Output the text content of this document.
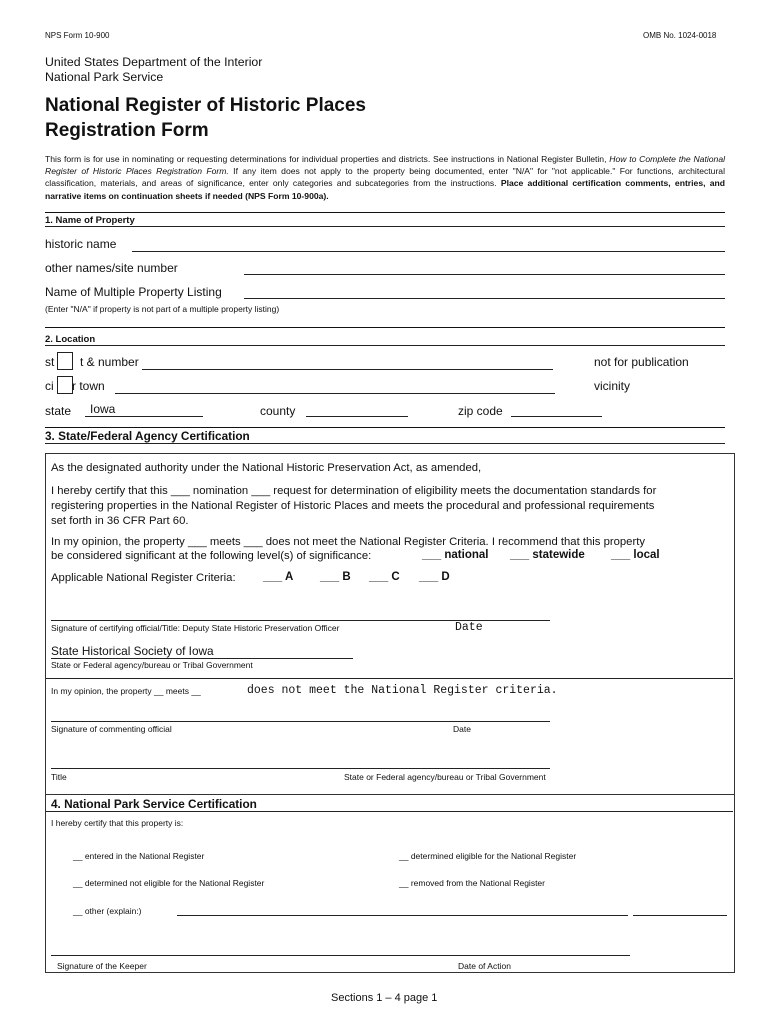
NPS Form 10-900	OMB No. 1024-0018
United States Department of the Interior
National Park Service
National Register of Historic Places
Registration Form
This form is for use in nominating or requesting determinations for individual properties and districts. See instructions in National Register Bulletin, How to Complete the National Register of Historic Places Registration Form. If any item does not apply to the property being documented, enter "N/A" for "not applicable." For functions, architectural classification, materials, and areas of significance, enter only categories and subcategories from the instructions. Place additional certification comments, entries, and narrative items on continuation sheets if needed (NPS Form 10-900a).
1. Name of Property
historic name
other names/site number
Name of Multiple Property Listing
(Enter "N/A" if property is not part of a multiple property listing)
2. Location
st t & number	not for publication
ci r town	vicinity
state Iowa	county	zip code
3. State/Federal Agency Certification
As the designated authority under the National Historic Preservation Act, as amended,
I hereby certify that this ___ nomination ___ request for determination of eligibility meets the documentation standards for
registering properties in the National Register of Historic Places and meets the procedural and professional requirements
set forth in 36 CFR Part 60.
In my opinion, the property ___ meets ___ does not meet the National Register Criteria. I recommend that this property
be considered significant at the following level(s) of significance:	___ national ___ statewide ___ local
Applicable National Register Criteria: ___ A ___ B ___ C ___ D
Signature of certifying official/Title: Deputy State Historic Preservation Officer	Date
State Historical Society of Iowa
State or Federal agency/bureau or Tribal Government
In my opinion, the property __ meets __	does not meet the National Register criteria.
Signature of commenting official	Date
Title	State or Federal agency/bureau or Tribal Government
4. National Park Service Certification
I hereby certify that this property is:
__ entered in the National Register	__ determined eligible for the National Register
__ determined not eligible for the National Register	__ removed from the National Register
__ other (explain:)
Signature of the Keeper	Date of Action
Sections 1 – 4 page 1
